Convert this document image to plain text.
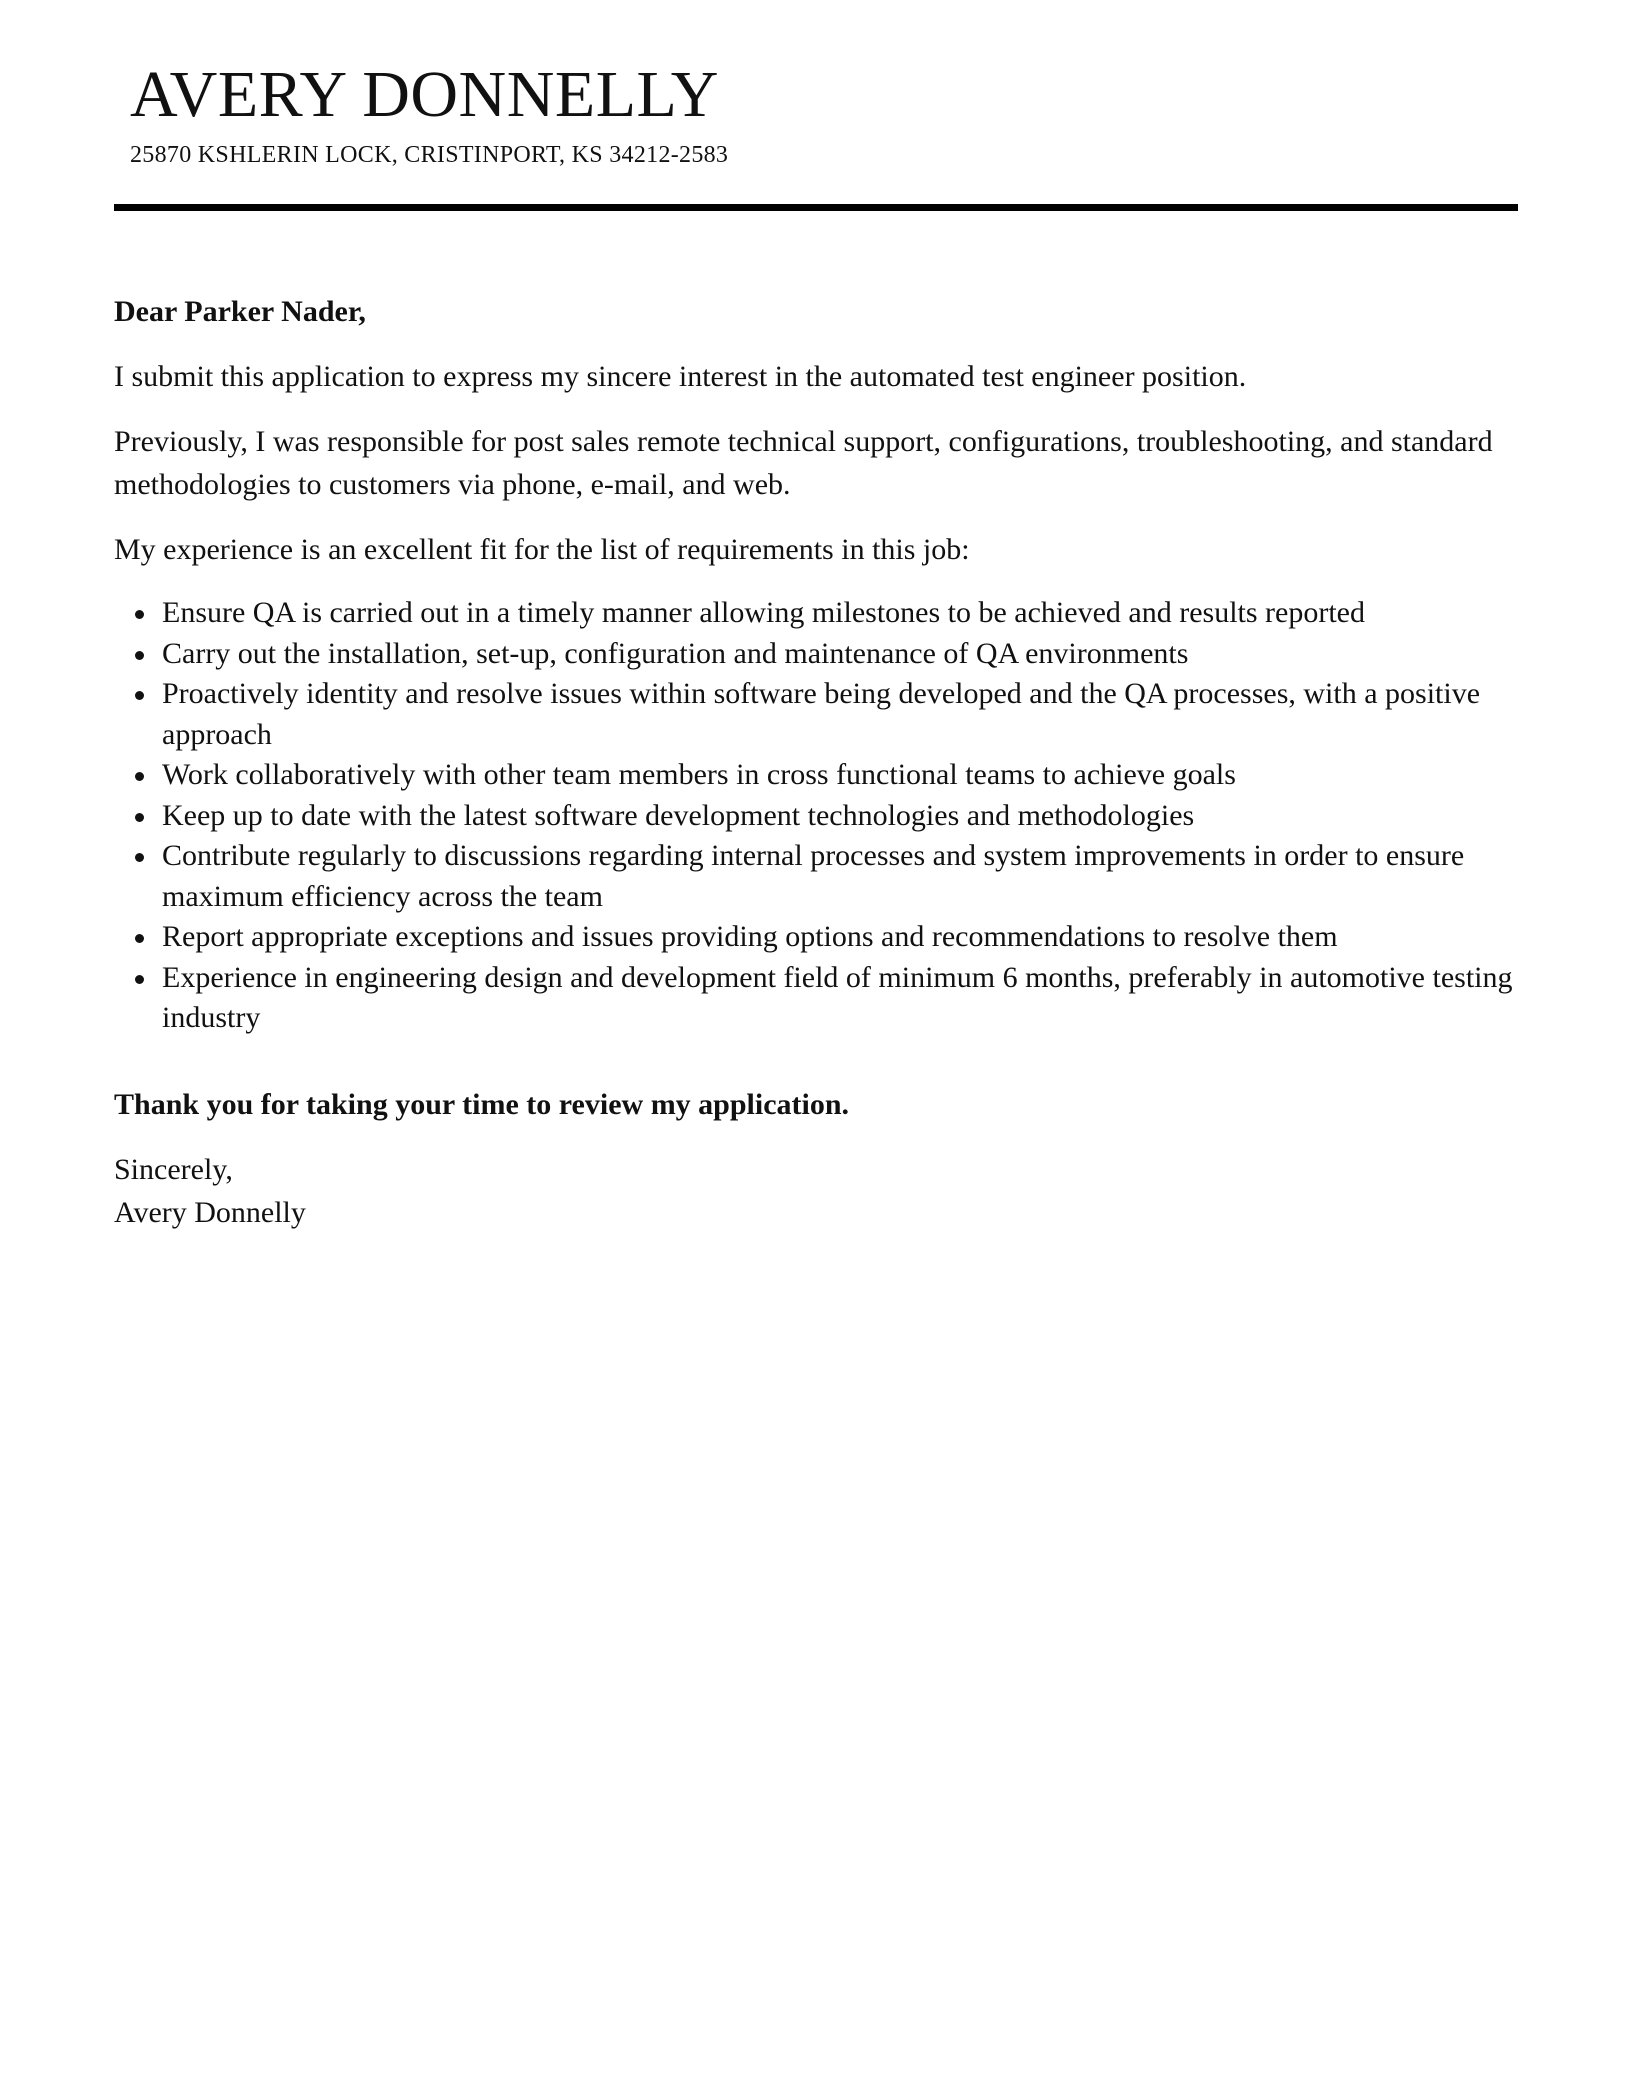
AVERY DONNELLY
25870 KSHLERIN LOCK, CRISTINPORT, KS 34212-2583

Dear Parker Nader,

I submit this application to express my sincere interest in the automated test engineer position.

Previously, I was responsible for post sales remote technical support, configurations, troubleshooting, and standard methodologies to customers via phone, e-mail, and web.

My experience is an excellent fit for the list of requirements in this job:

Ensure QA is carried out in a timely manner allowing milestones to be achieved and results reported
Carry out the installation, set-up, configuration and maintenance of QA environments
Proactively identity and resolve issues within software being developed and the QA processes, with a positive approach
Work collaboratively with other team members in cross functional teams to achieve goals
Keep up to date with the latest software development technologies and methodologies
Contribute regularly to discussions regarding internal processes and system improvements in order to ensure maximum efficiency across the team
Report appropriate exceptions and issues providing options and recommendations to resolve them
Experience in engineering design and development field of minimum 6 months, preferably in automotive testing industry

Thank you for taking your time to review my application.

Sincerely,

Avery Donnelly
